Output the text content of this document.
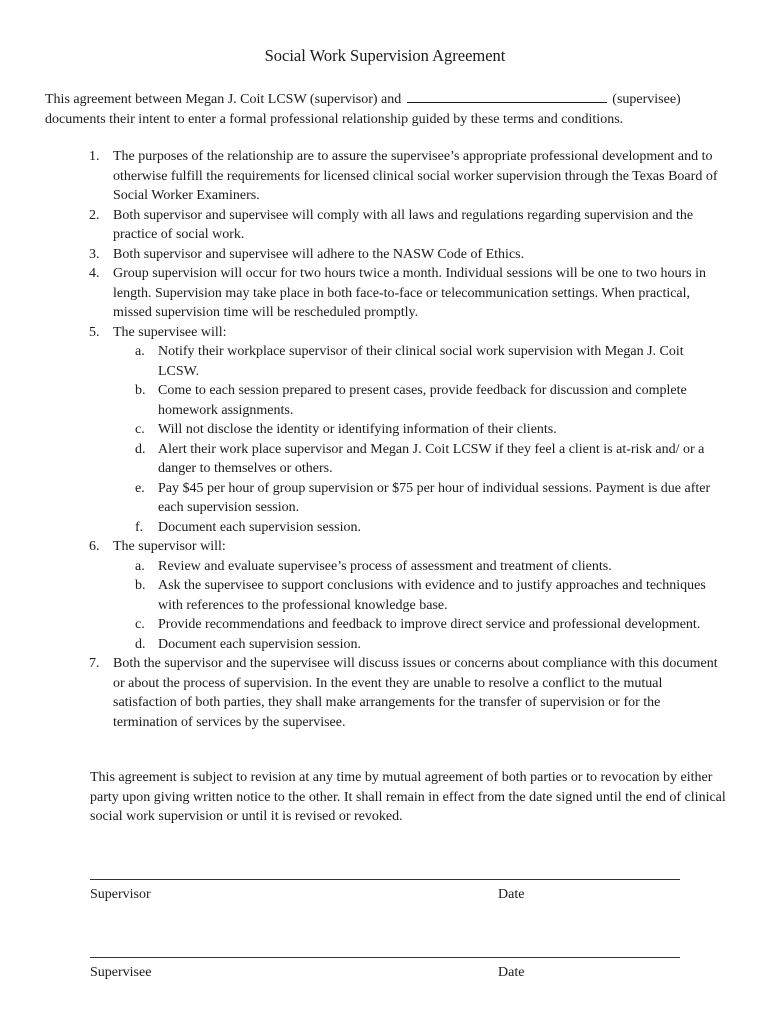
Social Work Supervision Agreement
This agreement between Megan J. Coit LCSW (supervisor) and	(supervisee) documents their intent to enter a formal professional relationship guided by these terms and conditions.
1. The purposes of the relationship are to assure the supervisee’s appropriate professional development and to otherwise fulfill the requirements for licensed clinical social worker supervision through the Texas Board of Social Worker Examiners.
2. Both supervisor and supervisee will comply with all laws and regulations regarding supervision and the practice of social work.
3. Both supervisor and supervisee will adhere to the NASW Code of Ethics.
4. Group supervision will occur for two hours twice a month. Individual sessions will be one to two hours in length. Supervision may take place in both face-to-face or telecommunication settings. When practical, missed supervision time will be rescheduled promptly.
5. The supervisee will:
a. Notify their workplace supervisor of their clinical social work supervision with Megan J. Coit LCSW.
b. Come to each session prepared to present cases, provide feedback for discussion and complete homework assignments.
c. Will not disclose the identity or identifying information of their clients.
d. Alert their work place supervisor and Megan J. Coit LCSW if they feel a client is at-risk and/ or a danger to themselves or others.
e. Pay $45 per hour of group supervision or $75 per hour of individual sessions. Payment is due after each supervision session.
f. Document each supervision session.
6. The supervisor will:
a. Review and evaluate supervisee’s process of assessment and treatment of clients.
b. Ask the supervisee to support conclusions with evidence and to justify approaches and techniques with references to the professional knowledge base.
c. Provide recommendations and feedback to improve direct service and professional development.
d. Document each supervision session.
7. Both the supervisor and the supervisee will discuss issues or concerns about compliance with this document or about the process of supervision. In the event they are unable to resolve a conflict to the mutual satisfaction of both parties, they shall make arrangements for the transfer of supervision or for the termination of services by the supervisee.
This agreement is subject to revision at any time by mutual agreement of both parties or to revocation by either party upon giving written notice to the other. It shall remain in effect from the date signed until the end of clinical social work supervision or until it is revised or revoked.
Supervisor	Date
Supervisee	Date
